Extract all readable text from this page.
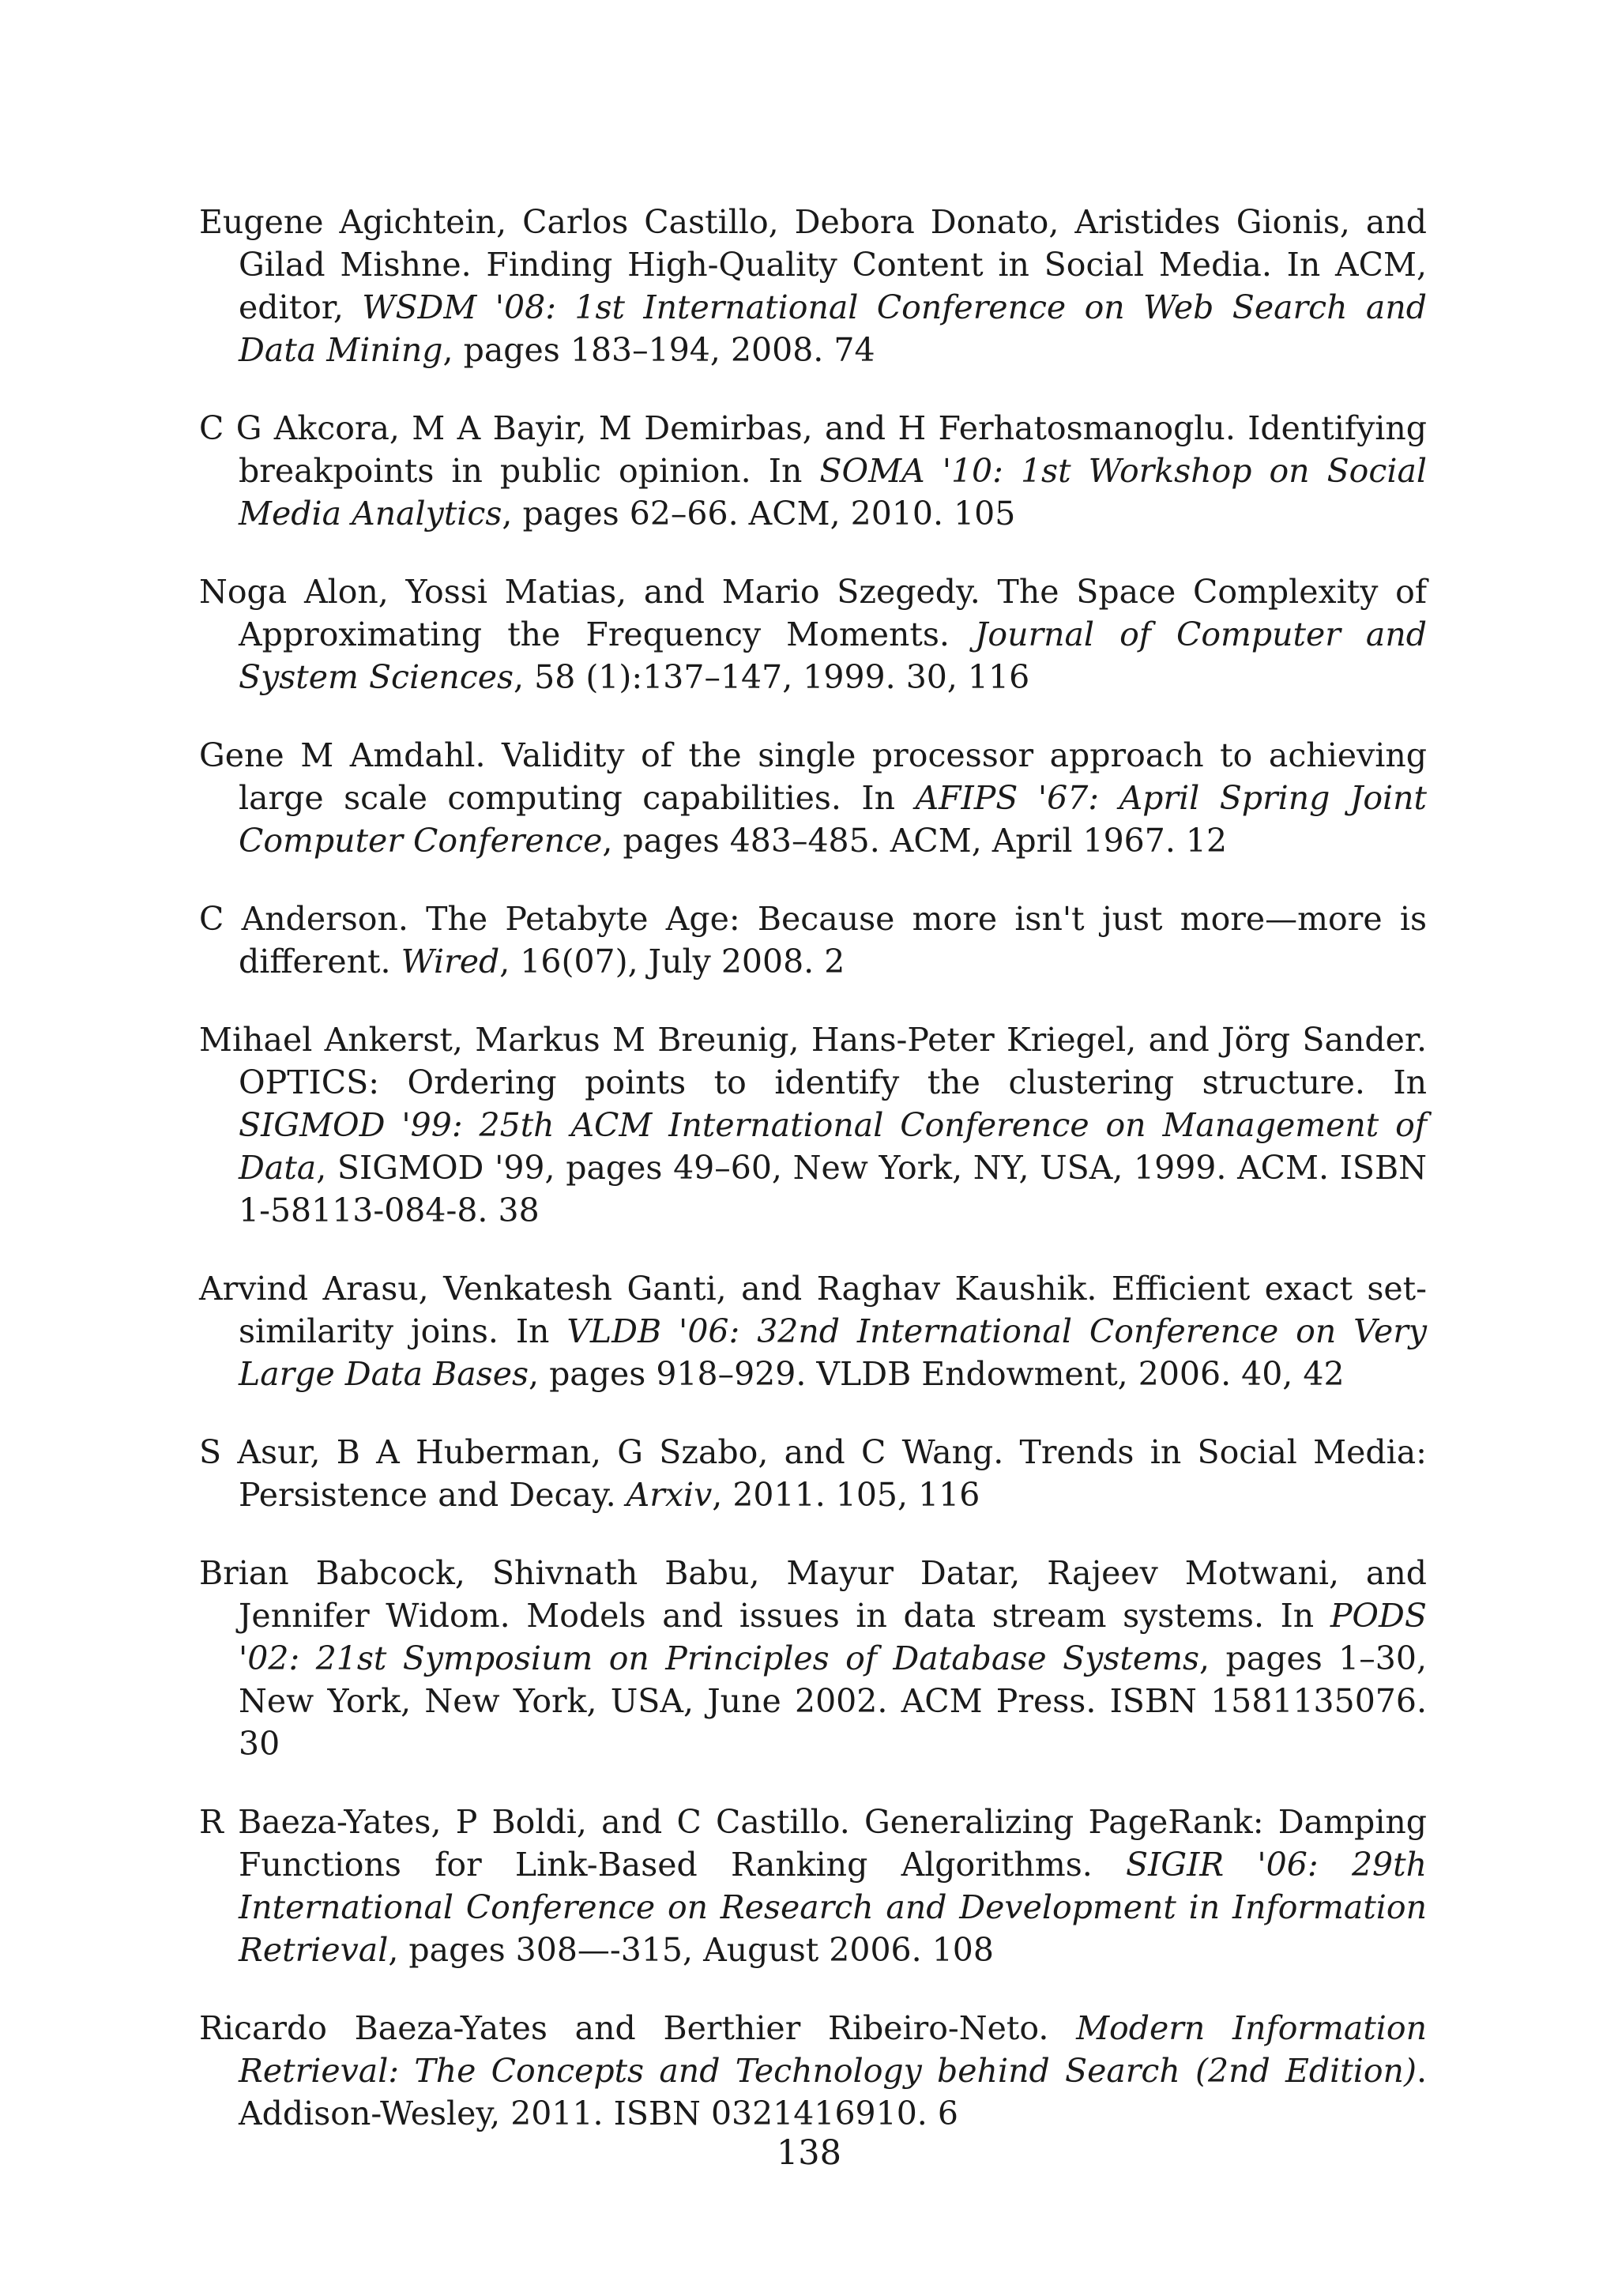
Eugene Agichtein, Carlos Castillo, Debora Donato, Aristides Gionis, and Gilad Mishne. Finding High-Quality Content in Social Media. In ACM, editor, WSDM '08: 1st International Conference on Web Search and Data Mining, pages 183–194, 2008. 74
C G Akcora, M A Bayir, M Demirbas, and H Ferhatosmanoglu. Identifying breakpoints in public opinion. In SOMA '10: 1st Workshop on Social Media Analytics, pages 62–66. ACM, 2010. 105
Noga Alon, Yossi Matias, and Mario Szegedy. The Space Complexity of Approximating the Frequency Moments. Journal of Computer and System Sciences, 58 (1):137–147, 1999. 30, 116
Gene M Amdahl. Validity of the single processor approach to achieving large scale computing capabilities. In AFIPS '67: April Spring Joint Computer Conference, pages 483–485. ACM, April 1967. 12
C Anderson. The Petabyte Age: Because more isn't just more—more is different. Wired, 16(07), July 2008. 2
Mihael Ankerst, Markus M Breunig, Hans-Peter Kriegel, and Jörg Sander. OPTICS: Ordering points to identify the clustering structure. In SIGMOD '99: 25th ACM International Conference on Management of Data, SIGMOD '99, pages 49–60, New York, NY, USA, 1999. ACM. ISBN 1-58113-084-8. 38
Arvind Arasu, Venkatesh Ganti, and Raghav Kaushik. Efficient exact set-similarity joins. In VLDB '06: 32nd International Conference on Very Large Data Bases, pages 918–929. VLDB Endowment, 2006. 40, 42
S Asur, B A Huberman, G Szabo, and C Wang. Trends in Social Media: Persistence and Decay. Arxiv, 2011. 105, 116
Brian Babcock, Shivnath Babu, Mayur Datar, Rajeev Motwani, and Jennifer Widom. Models and issues in data stream systems. In PODS '02: 21st Symposium on Principles of Database Systems, pages 1–30, New York, New York, USA, June 2002. ACM Press. ISBN 1581135076. 30
R Baeza-Yates, P Boldi, and C Castillo. Generalizing PageRank: Damping Functions for Link-Based Ranking Algorithms. SIGIR '06: 29th International Conference on Research and Development in Information Retrieval, pages 308—-315, August 2006. 108
Ricardo Baeza-Yates and Berthier Ribeiro-Neto. Modern Information Retrieval: The Concepts and Technology behind Search (2nd Edition). Addison-Wesley, 2011. ISBN 0321416910. 6
138
